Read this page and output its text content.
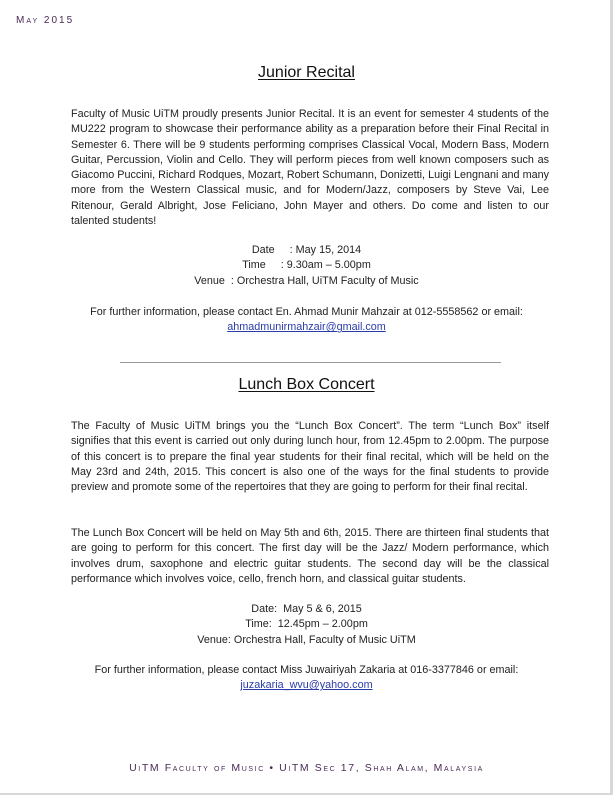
May 2015
Junior Recital

Faculty of Music UiTM proudly presents Junior Recital. It is an event for semester 4 students of the MU222 program to showcase their performance ability as a preparation before their Final Recital in Semester 6. There will be 9 students performing comprises Classical Vocal, Modern Bass, Modern Guitar, Percussion, Violin and Cello. They will perform pieces from well known composers such as Giacomo Puccini, Richard Rodques, Mozart, Robert Schumann, Donizetti, Luigi Lengnani and many more from the Western Classical music, and for Modern/Jazz, composers by Steve Vai, Lee Ritenour, Gerald Albright, Jose Feliciano, John Mayer and others. Do come and listen to our talented students!

Date     : May 15, 2014
Time     : 9.30am – 5.00pm
Venue  : Orchestra Hall, UiTM Faculty of Music
For further information, please contact En. Ahmad Munir Mahzair at 012-5558562 or email:
ahmadmunirmahzair@gmail.com
Lunch Box Concert

The Faculty of Music UiTM brings you the “Lunch Box Concert”. The term “Lunch Box” itself signifies that this event is carried out only during lunch hour, from 12.45pm to 2.00pm. The purpose of this concert is to prepare the final year students for their final recital, which will be held on the May 23rd and 24th, 2015. This concert is also one of the ways for the final students to provide preview and promote some of the repertoires that they are going to perform for their final recital.

The Lunch Box Concert will be held on May 5th and 6th, 2015. There are thirteen final students that are going to perform for this concert. The first day will be the Jazz/ Modern performance, which involves drum, saxophone and electric guitar students. The second day will be the classical performance which involves voice, cello, french horn, and classical guitar students.

Date:  May 5 & 6, 2015
Time:  12.45pm – 2.00pm
Venue: Orchestra Hall, Faculty of Music UiTM
For further information, please contact Miss Juwairiyah Zakaria at 016-3377846 or email:
juzakaria_wvu@yahoo.com
UiTM Faculty of Music • UiTM Sec 17, Shah Alam, Malaysia
